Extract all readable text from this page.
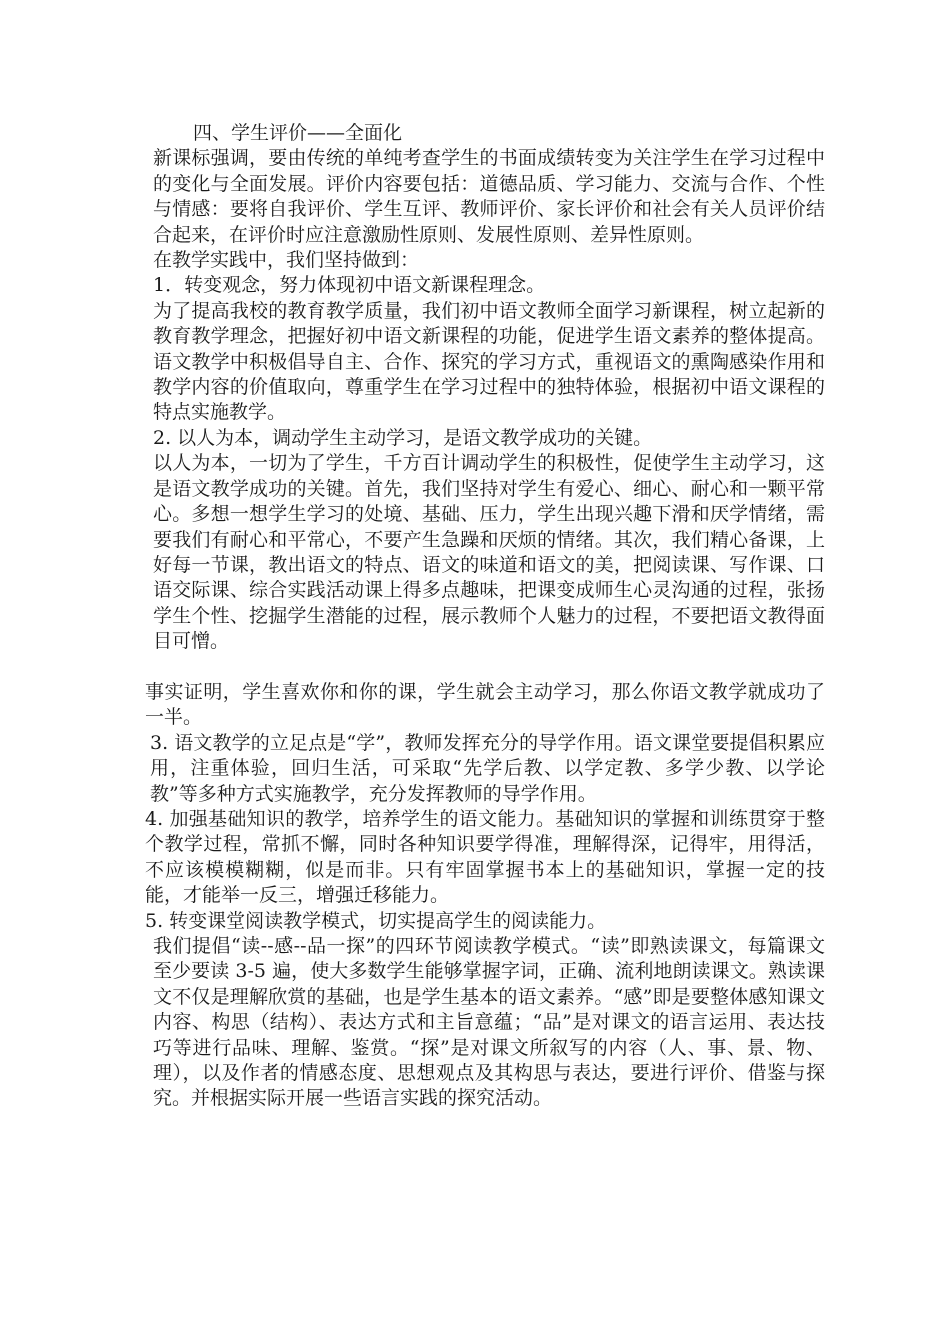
四、学生评价——全面化

新课标强调，要由传统的单纯考查学生的书面成绩转变为关注学生在学习过程中的变化与全面发展。评价内容要包括：道德品质、学习能力、交流与合作、个性与情感：要将自我评价、学生互评、教师评价、家长评价和社会有关人员评价结合起来，在评价时应注意激励性原则、发展性原则、差异性原则。

在教学实践中，我们坚持做到：

1．转变观念，努力体现初中语文新课程理念。

为了提高我校的教育教学质量，我们初中语文教师全面学习新课程，树立起新的教育教学理念，把握好初中语文新课程的功能，促进学生语文素养的整体提高。语文教学中积极倡导自主、合作、探究的学习方式，重视语文的熏陶感染作用和教学内容的价值取向，尊重学生在学习过程中的独特体验，根据初中语文课程的特点实施教学。

2. 以人为本，调动学生主动学习，是语文教学成功的关键。

以人为本，一切为了学生，千方百计调动学生的积极性，促使学生主动学习，这是语文教学成功的关键。首先，我们坚持对学生有爱心、细心、耐心和一颗平常心。多想一想学生学习的处境、基础、压力，学生出现兴趣下滑和厌学情绪，需要我们有耐心和平常心，不要产生急躁和厌烦的情绪。其次，我们精心备课，上好每一节课，教出语文的特点、语文的味道和语文的美，把阅读课、写作课、口语交际课、综合实践活动课上得多点趣味，把课变成师生心灵沟通的过程，张扬学生个性、挖掘学生潜能的过程，展示教师个人魅力的过程，不要把语文教得面目可憎。

事实证明，学生喜欢你和你的课，学生就会主动学习，那么你语文教学就成功了一半。

3. 语文教学的立足点是“学”，教师发挥充分的导学作用。语文课堂要提倡积累应用，注重体验，回归生活，可采取“先学后教、以学定教、多学少教、以学论教”等多种方式实施教学，充分发挥教师的导学作用。

4. 加强基础知识的教学，培养学生的语文能力。基础知识的掌握和训练贯穿于整个教学过程，常抓不懈，同时各种知识要学得准，理解得深，记得牢，用得活，不应该模模糊糊，似是而非。只有牢固掌握书本上的基础知识，掌握一定的技能，才能举一反三，增强迁移能力。

5. 转变课堂阅读教学模式，切实提高学生的阅读能力。

我们提倡“读--感--品一探”的四环节阅读教学模式。“读”即熟读课文，每篇课文至少要读 3-5 遍，使大多数学生能够掌握字词，正确、流利地朗读课文。熟读课文不仅是理解欣赏的基础，也是学生基本的语文素养。“感”即是要整体感知课文内容、构思（结构）、表达方式和主旨意蕴；“品”是对课文的语言运用、表达技巧等进行品味、理解、鉴赏。“探”是对课文所叙写的内容（人、事、景、物、理），以及作者的情感态度、思想观点及其构思与表达，要进行评价、借鉴与探究。并根据实际开展一些语言实践的探究活动。
